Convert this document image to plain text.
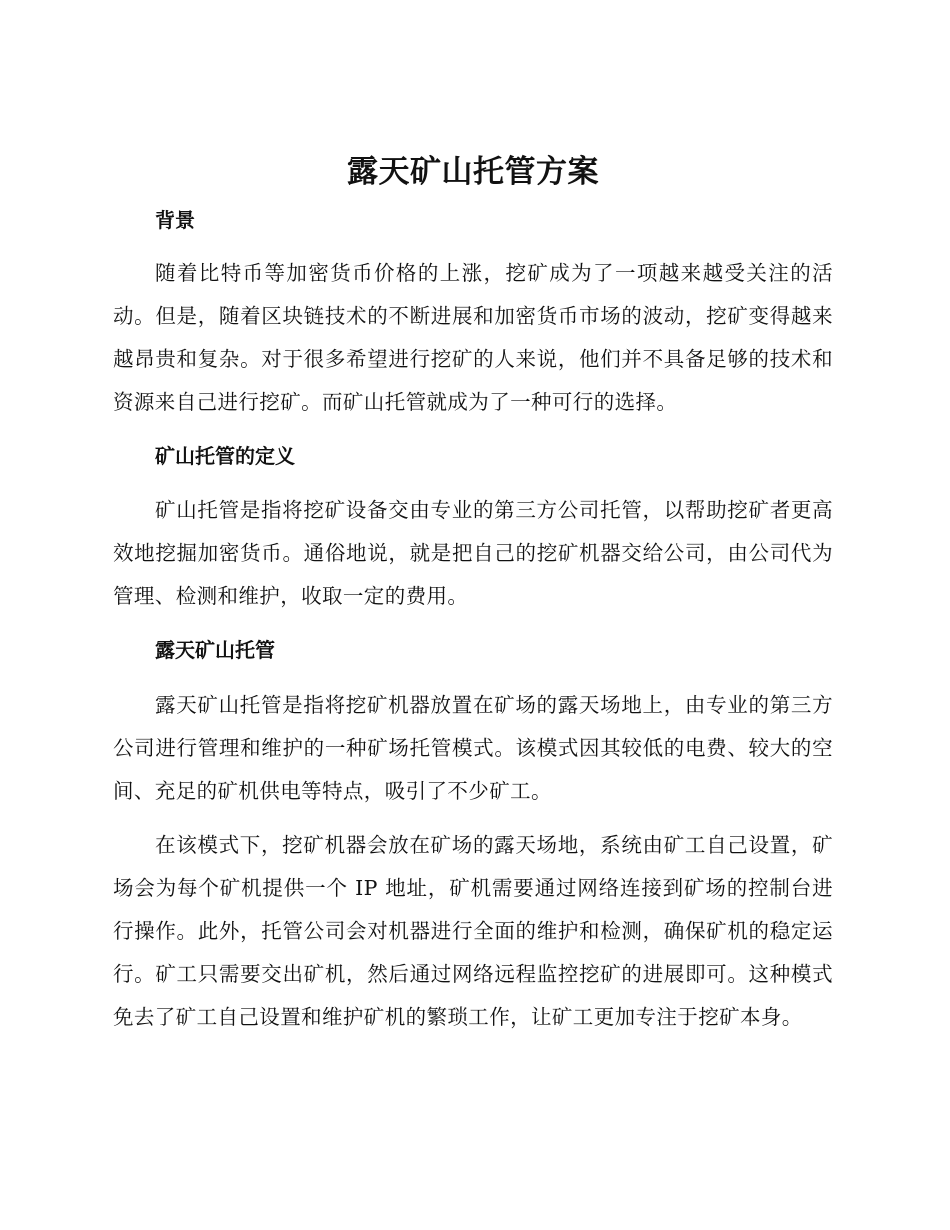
露天矿山托管方案
背景

随着比特币等加密货币价格的上涨，挖矿成为了一项越来越受关注的活动。但是，随着区块链技术的不断进展和加密货币市场的波动，挖矿变得越来越昂贵和复杂。对于很多希望进行挖矿的人来说，他们并不具备足够的技术和资源来自己进行挖矿。而矿山托管就成为了一种可行的选择。

矿山托管的定义

矿山托管是指将挖矿设备交由专业的第三方公司托管，以帮助挖矿者更高效地挖掘加密货币。通俗地说，就是把自己的挖矿机器交给公司，由公司代为管理、检测和维护，收取一定的费用。

露天矿山托管

露天矿山托管是指将挖矿机器放置在矿场的露天场地上，由专业的第三方公司进行管理和维护的一种矿场托管模式。该模式因其较低的电费、较大的空间、充足的矿机供电等特点，吸引了不少矿工。

在该模式下，挖矿机器会放在矿场的露天场地，系统由矿工自己设置，矿场会为每个矿机提供一个 IP 地址，矿机需要通过网络连接到矿场的控制台进行操作。此外，托管公司会对机器进行全面的维护和检测，确保矿机的稳定运行。矿工只需要交出矿机，然后通过网络远程监控挖矿的进展即可。这种模式免去了矿工自己设置和维护矿机的繁琐工作，让矿工更加专注于挖矿本身。
